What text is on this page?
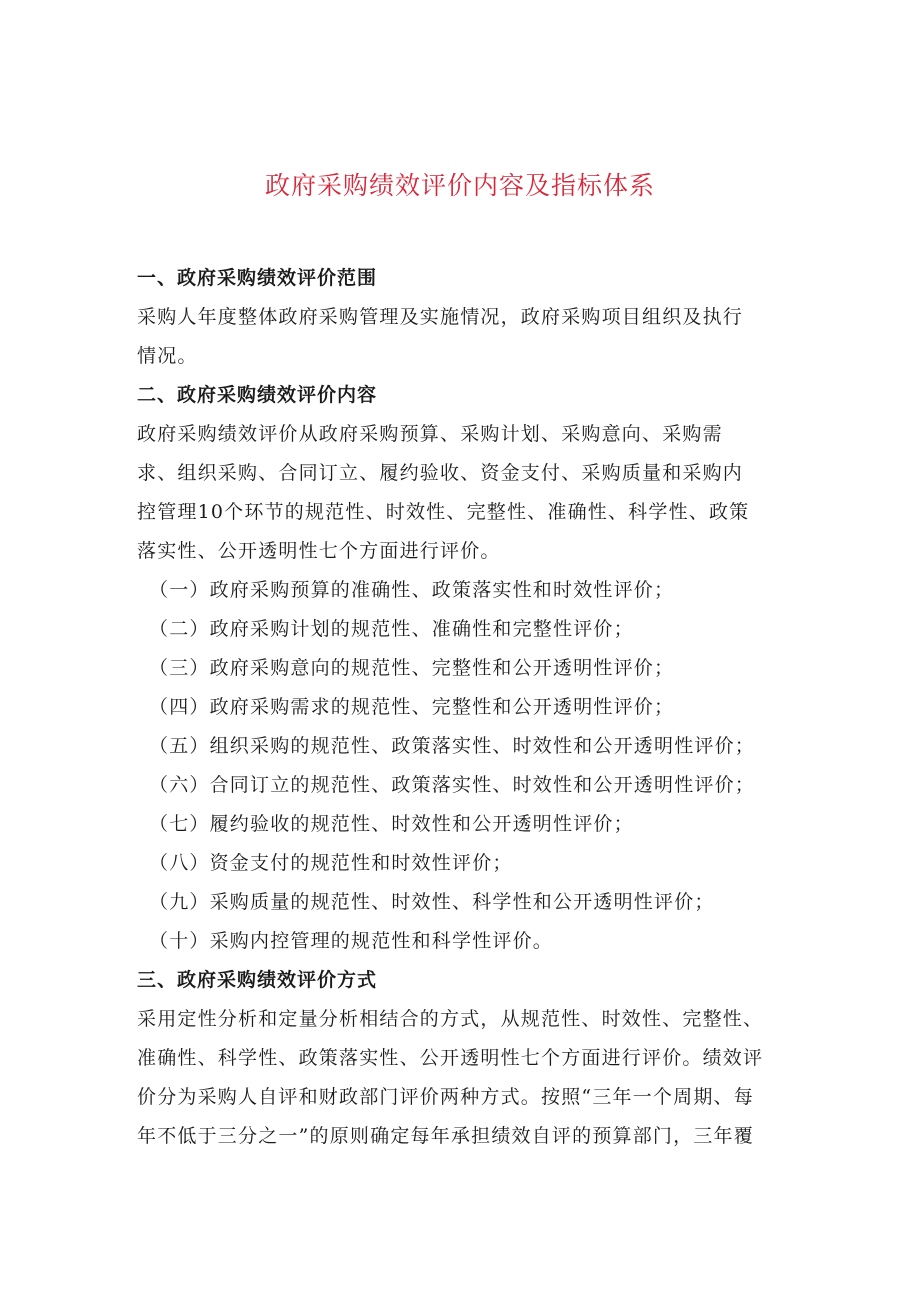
政府采购绩效评价内容及指标体系
一、政府采购绩效评价范围
采购人年度整体政府采购管理及实施情况，政府采购项目组织及执行
情况。
二、政府采购绩效评价内容
政府采购绩效评价从政府采购预算、采购计划、采购意向、采购需
求、组织采购、合同订立、履约验收、资金支付、采购质量和采购内
控管理10个环节的规范性、时效性、完整性、准确性、科学性、政策
落实性、公开透明性七个方面进行评价。
（一）政府采购预算的准确性、政策落实性和时效性评价；
（二）政府采购计划的规范性、准确性和完整性评价；
（三）政府采购意向的规范性、完整性和公开透明性评价；
（四）政府采购需求的规范性、完整性和公开透明性评价；
（五）组织采购的规范性、政策落实性、时效性和公开透明性评价；
（六）合同订立的规范性、政策落实性、时效性和公开透明性评价；
（七）履约验收的规范性、时效性和公开透明性评价；
（八）资金支付的规范性和时效性评价；
（九）采购质量的规范性、时效性、科学性和公开透明性评价；
（十）采购内控管理的规范性和科学性评价。
三、政府采购绩效评价方式
采用定性分析和定量分析相结合的方式，从规范性、时效性、完整性、
准确性、科学性、政策落实性、公开透明性七个方面进行评价。绩效评
价分为采购人自评和财政部门评价两种方式。按照“三年一个周期、每
年不低于三分之一”的原则确定每年承担绩效自评的预算部门，三年覆
